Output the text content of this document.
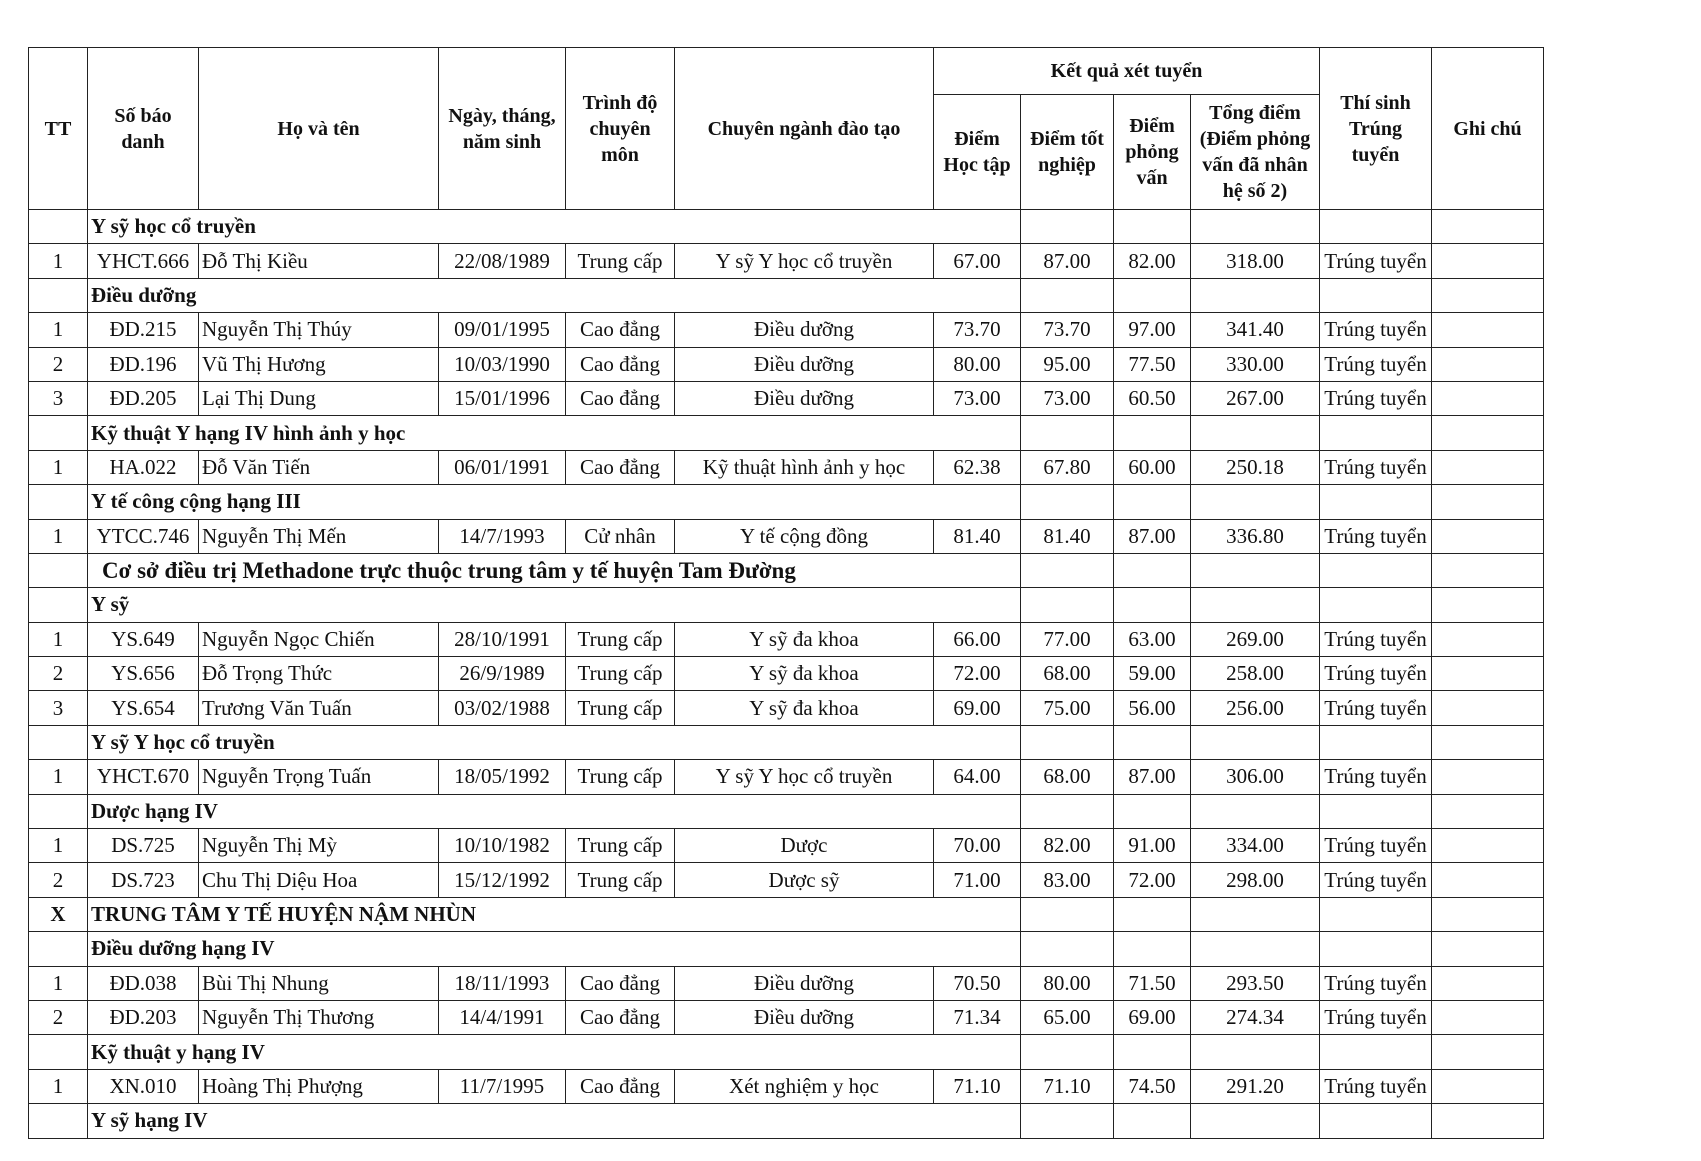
TT	Số báo danh	Họ và tên	Ngày, tháng, năm sinh	Trình độ chuyên môn	Chuyên ngành đào tạo	Kết quả xét tuyển				Thí sinh Trúng tuyển	Ghi chú
						Điểm Học tập	Điểm tốt nghiệp	Điểm phỏng vấn	Tổng điểm (Điểm phỏng vấn đã nhân hệ số 2)		
	Y sỹ học cổ truyền										
1	YHCT.666	Đỗ Thị Kiều	22/08/1989	Trung cấp	Y sỹ Y học cổ truyền	67.00	87.00	82.00	318.00	Trúng tuyển	
	Điều dưỡng										
1	ĐD.215	Nguyễn Thị Thúy	09/01/1995	Cao đẳng	Điều dưỡng	73.70	73.70	97.00	341.40	Trúng tuyển	
2	ĐD.196	Vũ Thị Hương	10/03/1990	Cao đẳng	Điều dưỡng	80.00	95.00	77.50	330.00	Trúng tuyển	
3	ĐD.205	Lại Thị Dung	15/01/1996	Cao đẳng	Điều dưỡng	73.00	73.00	60.50	267.00	Trúng tuyển	
	Kỹ thuật Y hạng IV hình ảnh y học										
1	HA.022	Đỗ Văn Tiến	06/01/1991	Cao đẳng	Kỹ thuật hình ảnh y học	62.38	67.80	60.00	250.18	Trúng tuyển	
	Y tế công cộng hạng III										
1	YTCC.746	Nguyễn Thị Mến	14/7/1993	Cử nhân	Y tế cộng đồng	81.40	81.40	87.00	336.80	Trúng tuyển	
	Cơ sở điều trị Methadone trực thuộc trung tâm y tế huyện Tam Đường										
	Y sỹ										
1	YS.649	Nguyễn Ngọc Chiến	28/10/1991	Trung cấp	Y sỹ đa khoa	66.00	77.00	63.00	269.00	Trúng tuyển	
2	YS.656	Đỗ Trọng Thức	26/9/1989	Trung cấp	Y sỹ đa khoa	72.00	68.00	59.00	258.00	Trúng tuyển	
3	YS.654	Trương Văn Tuấn	03/02/1988	Trung cấp	Y sỹ đa khoa	69.00	75.00	56.00	256.00	Trúng tuyển	
	Y sỹ Y học cổ truyền										
1	YHCT.670	Nguyễn Trọng Tuấn	18/05/1992	Trung cấp	Y sỹ Y học cổ truyền	64.00	68.00	87.00	306.00	Trúng tuyển	
	Dược hạng IV										
1	DS.725	Nguyễn Thị Mỳ	10/10/1982	Trung cấp	Dược	70.00	82.00	91.00	334.00	Trúng tuyển	
2	DS.723	Chu Thị Diệu Hoa	15/12/1992	Trung cấp	Dược sỹ	71.00	83.00	72.00	298.00	Trúng tuyển	
X	TRUNG TÂM Y TẾ HUYỆN NẬM NHÙN										
	Điều dưỡng hạng IV										
1	ĐD.038	Bùi Thị Nhung	18/11/1993	Cao đẳng	Điều dưỡng	70.50	80.00	71.50	293.50	Trúng tuyển	
2	ĐD.203	Nguyễn Thị Thương	14/4/1991	Cao đẳng	Điều dưỡng	71.34	65.00	69.00	274.34	Trúng tuyển	
	Kỹ thuật y hạng IV										
1	XN.010	Hoàng Thị Phượng	11/7/1995	Cao đẳng	Xét nghiệm y học	71.10	71.10	74.50	291.20	Trúng tuyển	
	Y sỹ hạng IV										
